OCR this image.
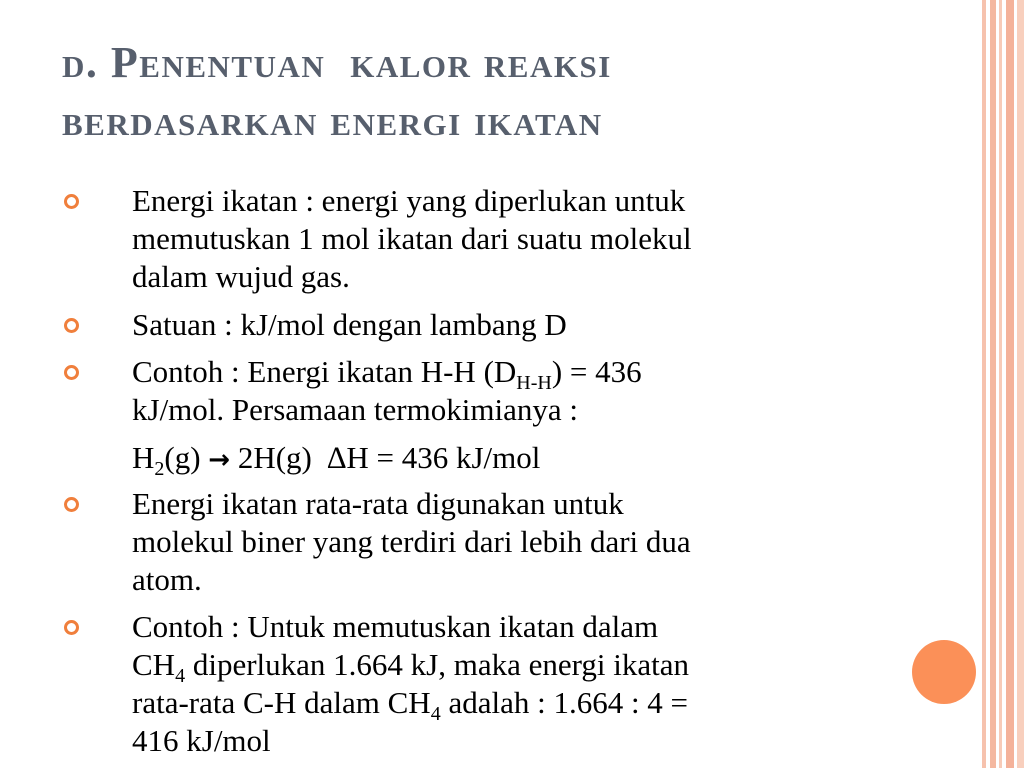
d. Penentuan  kalor reaksi
berdasarkan energi ikatan
Energi ikatan : energi yang diperlukan untuk
memutuskan 1 mol ikatan dari suatu molekul
dalam wujud gas.
Satuan : kJ/mol dengan lambang D
Contoh : Energi ikatan H-H $(D_{H-H}) = 436$
kJ/mol. Persamaan termokimianya :
$H_2(g) \to 2H(g) \Delta H = 436$ kJ/mol
Energi ikatan rata-rata digunakan untuk
molekul biner yang terdiri dari lebih dari dua
atom.
Contoh : Untuk memutuskan ikatan dalam
$CH_4$ diperlukan 1.664 kJ, maka energi ikatan
rata-rata C-H dalam $CH_4$ adalah : 1.664 : 4 =
416 kJ/mol
